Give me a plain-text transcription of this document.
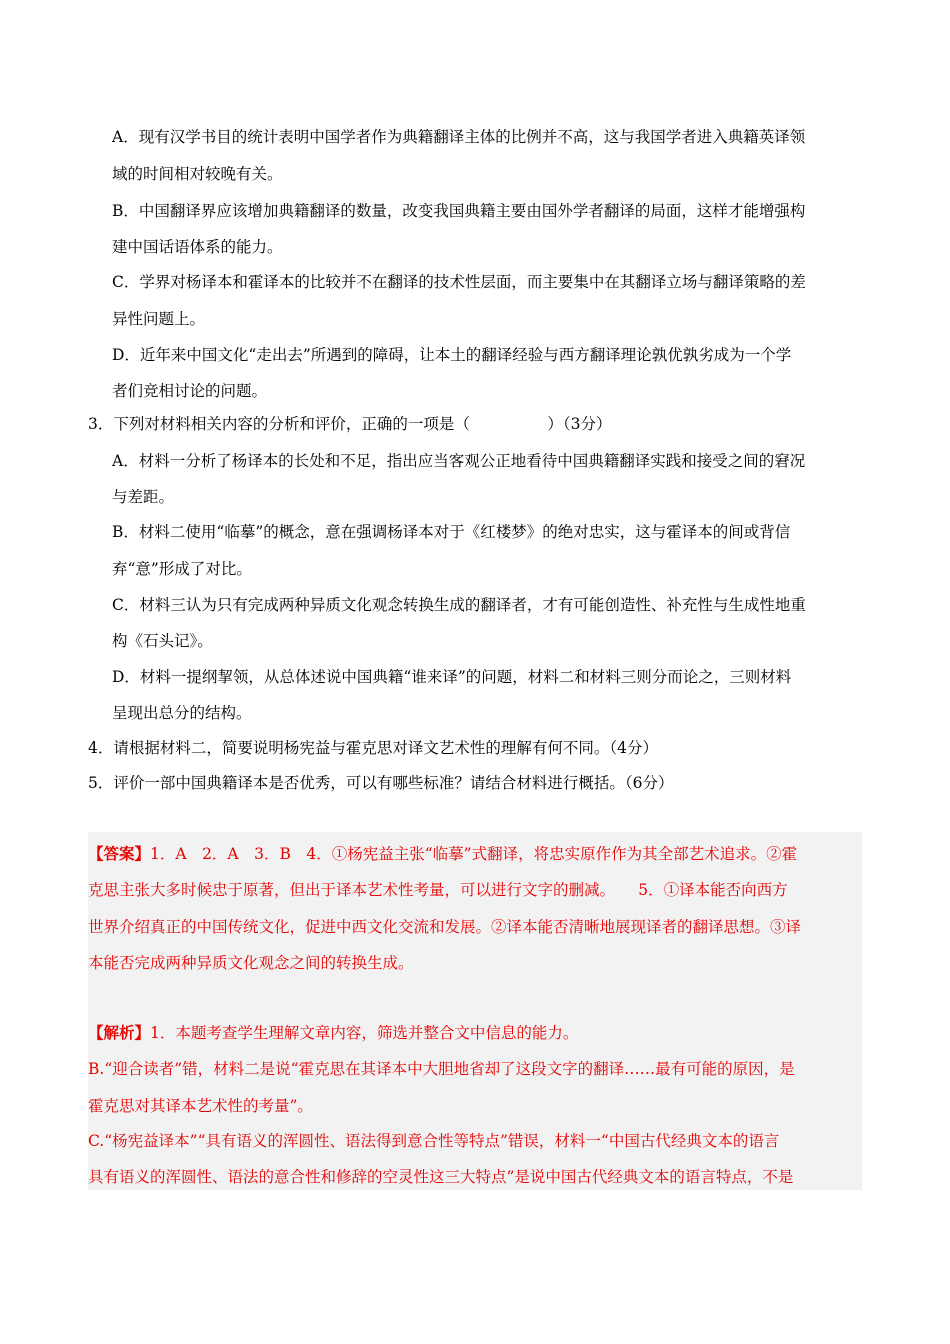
A．现有汉学书目的统计表明中国学者作为典籍翻译主体的比例并不高，这与我国学者进入典籍英译领
域的时间相对较晚有关。
B．中国翻译界应该增加典籍翻译的数量，改变我国典籍主要由国外学者翻译的局面，这样才能增强构
建中国话语体系的能力。
C．学界对杨译本和霍译本的比较并不在翻译的技术性层面，而主要集中在其翻译立场与翻译策略的差
异性问题上。
D．近年来中国文化“走出去”所遇到的障碍，让本土的翻译经验与西方翻译理论孰优孰劣成为一个学
者们竞相讨论的问题。
3．下列对材料相关内容的分析和评价，正确的一项是（　　　　　）（3分）
A．材料一分析了杨译本的长处和不足，指出应当客观公正地看待中国典籍翻译实践和接受之间的窘况
与差距。
B．材料二使用“临摹”的概念，意在强调杨译本对于《红楼梦》的绝对忠实，这与霍译本的间或背信
弃“意”形成了对比。
C．材料三认为只有完成两种异质文化观念转换生成的翻译者，才有可能创造性、补充性与生成性地重
构《石头记》。
D．材料一提纲挈领，从总体述说中国典籍“谁来译”的问题，材料二和材料三则分而论之，三则材料
呈现出总分的结构。
4．请根据材料二，简要说明杨宪益与霍克思对译文艺术性的理解有何不同。（4分）
5．评价一部中国典籍译本是否优秀，可以有哪些标准？请结合材料进行概括。（6分）
【答案】1．A　2．A　3．B　4．①杨宪益主张“临摹”式翻译，将忠实原作作为其全部艺术追求。②霍
克思主张大多时候忠于原著，但出于译本艺术性考量，可以进行文字的删减。　　5．①译本能否向西方
世界介绍真正的中国传统文化，促进中西文化交流和发展。②译本能否清晰地展现译者的翻译思想。③译
本能否完成两种异质文化观念之间的转换生成。
【解析】1．本题考查学生理解文章内容，筛选并整合文中信息的能力。
B.“迎合读者”错，材料二是说“霍克思在其译本中大胆地省却了这段文字的翻译……最有可能的原因，是
霍克思对其译本艺术性的考量”。
C.“杨宪益译本”“具有语义的浑圆性、语法得到意合性等特点”错误，材料一“中国古代经典文本的语言
具有语义的浑圆性、语法的意合性和修辞的空灵性这三大特点”是说中国古代经典文本的语言特点，不是
